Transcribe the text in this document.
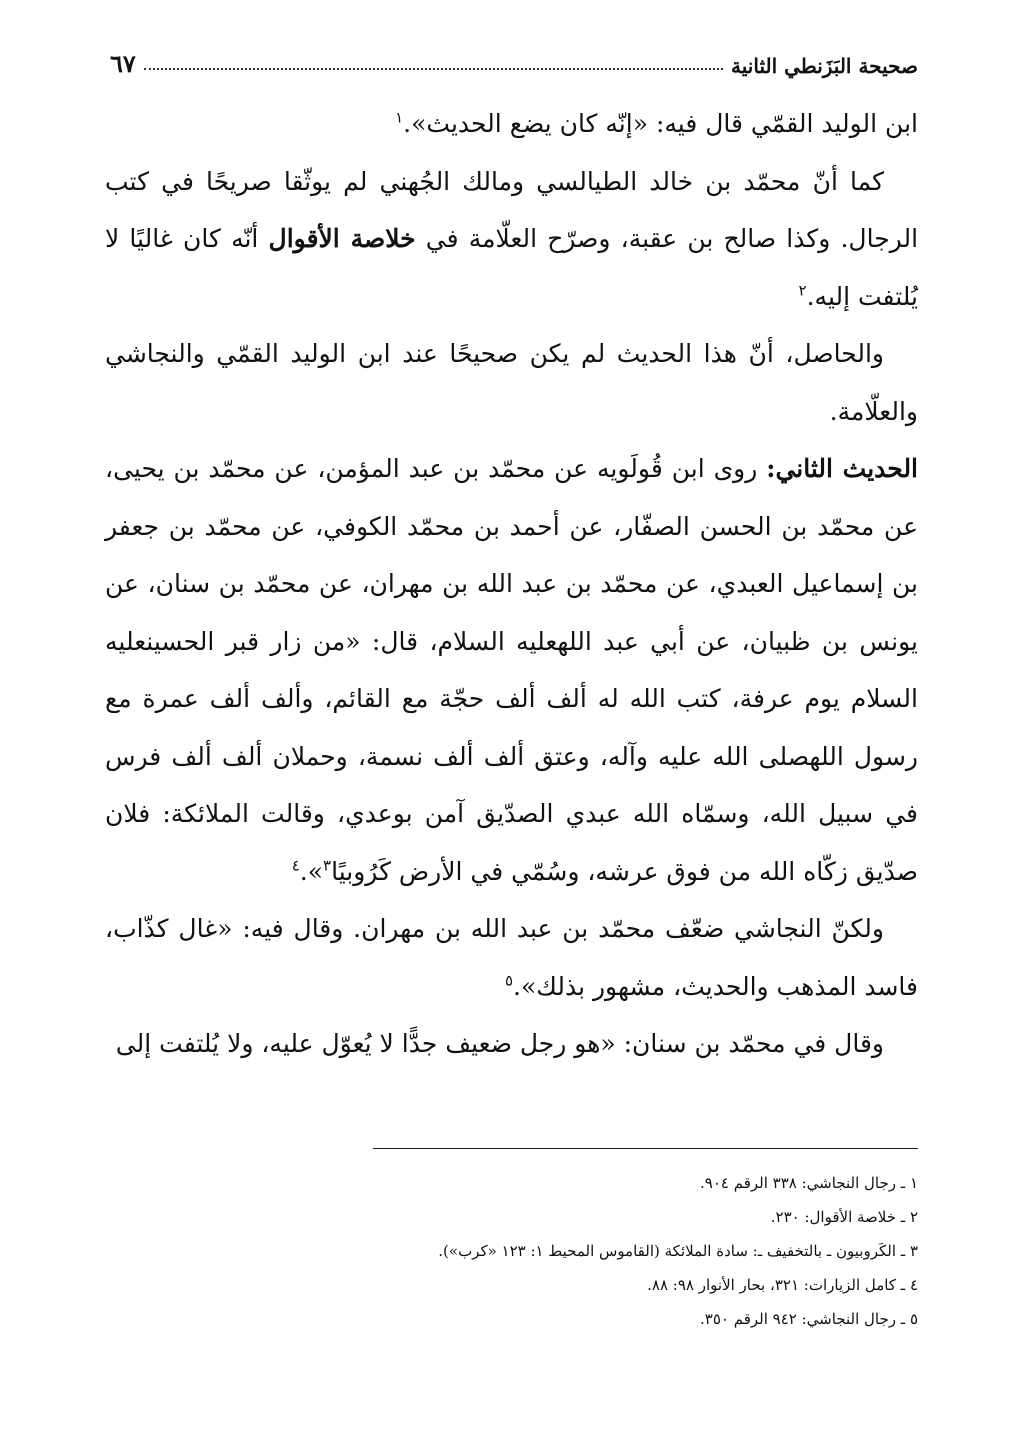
صحيحة البَزَنطي الثانية
٦٧

ابن الوليد القمّي قال فيه: «إنّه كان يضع الحديث».$^١$

كما أنّ محمّد بن خالد الطيالسي ومالك الجُهني لم يوثّقا صريحًا في كتب الرجال. وكذا صالح بن عقبة، وصرّح العلّامة في خلاصة الأقوال أنّه كان غاليًا لا يُلتفت إليه.$^٢$

والحاصل، أنّ هذا الحديث لم يكن صحيحًا عند ابن الوليد القمّي والنجاشي والعلّامة.

الحديث الثاني: روى ابن قُولَويه عن محمّد بن عبد المؤمن، عن محمّد بن يحيى، عن محمّد بن الحسن الصفّار، عن أحمد بن محمّد الكوفي، عن محمّد بن جعفر بن إسماعيل العبدي، عن محمّد بن عبد الله بن مهران، عن محمّد بن سنان، عن يونس بن ظبيان، عن أبي عبد الله‏عليه السلام، قال: «من زار قبر الحسين‏عليه السلام يوم عرفة، كتب الله له ألف ألف حجّة مع القائم، وألف ألف عمرة مع رسول الله‏صلى الله عليه وآله، وعتق ألف ألف نسمة، وحملان ألف ألف فرس في سبيل الله، وسمّاه الله عبدي الصدّيق آمن بوعدي، وقالت الملائكة: فلان صدّيق زكّاه الله من فوق عرشه، وسُمّي في الأرض كَرُوبيًا$^٣$».$^٤$

ولكنّ النجاشي ضعّف محمّد بن عبد الله بن مهران. وقال فيه: «غال كذّاب، فاسد المذهب والحديث، مشهور بذلك».$^٥$

وقال في محمّد بن سنان: «هو رجل ضعيف جدًّا لا يُعوّل عليه، ولا يُلتفت إلى

١ ـ رجال النجاشي: ٣٣٨ الرقم ٩٠٤.
٢ ـ خلاصة الأقوال: ٢٣٠.
٣ ـ الكَروبيون ـ بالتخفيف ـ: سادة الملائكة (القاموس المحيط ١: ١٢٣ «كرب»).
٤ ـ كامل الزيارات: ٣٢١، بحار الأنوار ٩٨: ٨٨.
٥ ـ رجال النجاشي: ٩٤٢ الرقم ٣٥٠.
